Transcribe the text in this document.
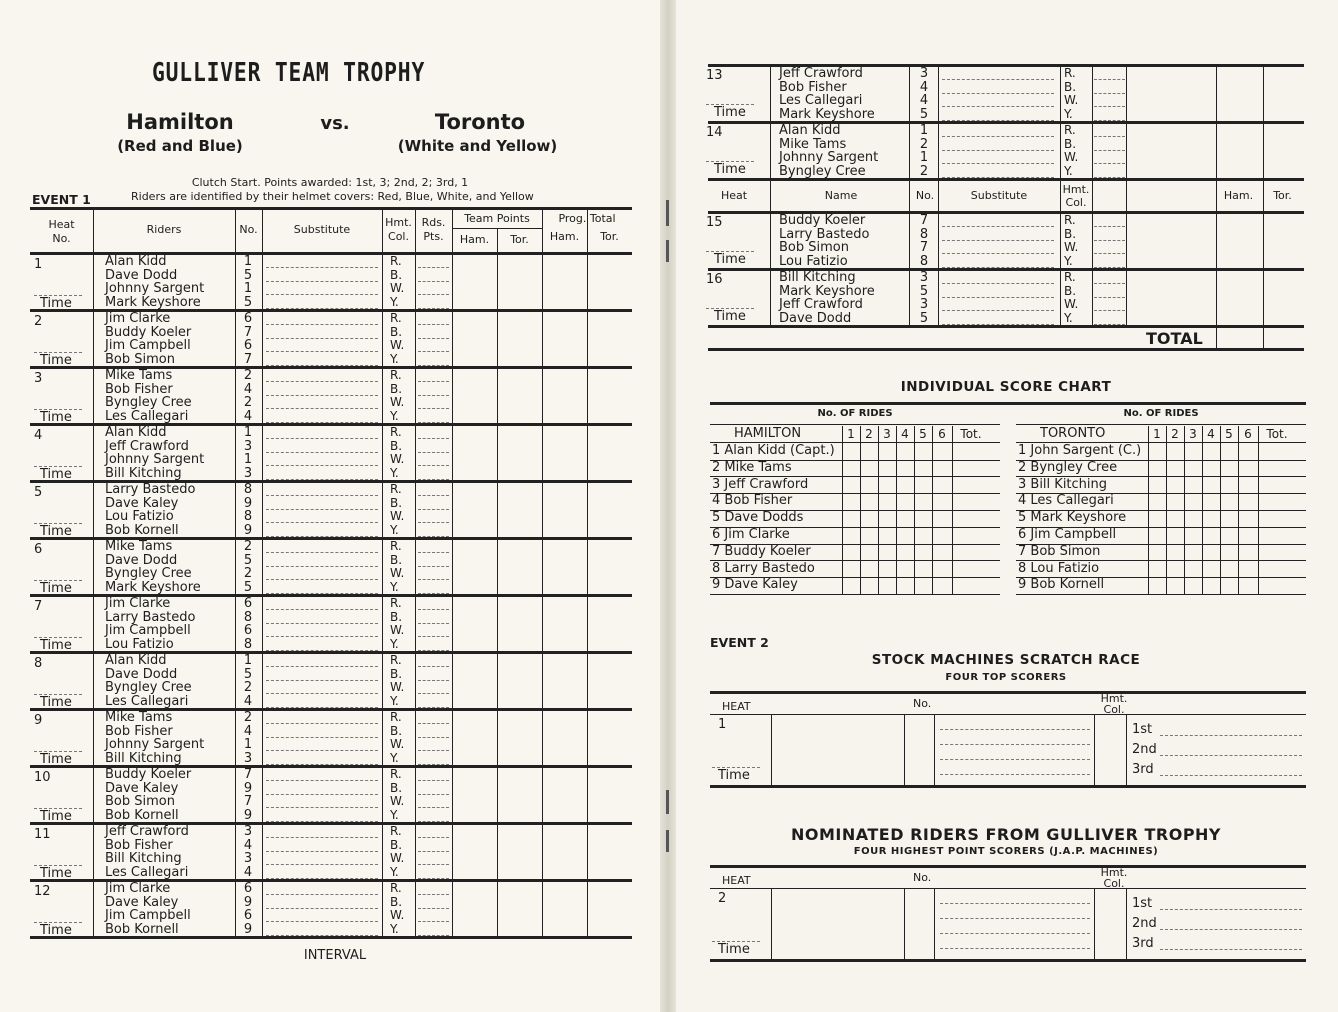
GULLIVER TEAM TROPHY
Hamilton
(Red and Blue)
vs.	Toronto
(White and Yellow)
Clutch Start. Points awarded: 1st, 3; 2nd, 2; 3rd, 1
Riders are identified by their helmet covers: Red, Blue, White, and Yellow
EVENT 1
Heat
No.
Riders	No.	Substitute
Hmt.
Col.
Rds.
Pts.
Team Points
Ham.	Tor.
Prog. Total
Ham.	Tor.
1
Time
Alan Kidd	1	R.
Dave Dodd	5	B.
Johnny Sargent	1	W.
Mark Keyshore	5	Y.
2
Time
Jim Clarke	6	R.
Buddy Koeler	7	B.
Jim Campbell	6	W.
Bob Simon	7	Y.
3
Time
Mike Tams	2	R.
Bob Fisher	4	B.
Byngley Cree	2	W.
Les Callegari	4	Y.
4
Time
Alan Kidd	1	R.
Jeff Crawford	3	B.
Johnny Sargent	1	W.
Bill Kitching	3	Y.
5
Time
Larry Bastedo	8	R.
Dave Kaley	9	B.
Lou Fatizio	8	W.
Bob Kornell	9	Y.
6
Time
Mike Tams	2	R.
Dave Dodd	5	B.
Byngley Cree	2	W.
Mark Keyshore	5	Y.
7
Time
Jim Clarke	6	R.
Larry Bastedo	8	B.
Jim Campbell	6	W.
Lou Fatizio	8	Y.
8
Time
Alan Kidd	1	R.
Dave Dodd	5	B.
Byngley Cree	2	W.
Les Callegari	4	Y.
9
Time
Mike Tams	2	R.
Bob Fisher	4	B.
Johnny Sargent	1	W.
Bill Kitching	3	Y.
10
Time
Buddy Koeler	7	R.
Dave Kaley	9	B.
Bob Simon	7	W.
Bob Kornell	9	Y.
11
Time
Jeff Crawford	3	R.
Bob Fisher	4	B.
Bill Kitching	3	W.
Les Callegari	4	Y.
12
Time
Jim Clarke	6	R.
Dave Kaley	9	B.
Jim Campbell	6	W.
Bob Kornell	9	Y.
INTERVAL
13
Time
Jeff Crawford	3	R.
Bob Fisher	4	B.
Les Callegari	4	W.
Mark Keyshore	5	Y.
14
Time
Alan Kidd	1	R.
Mike Tams	2	B.
Johnny Sargent	1	W.
Byngley Cree	2	Y.
Heat	Name	No.	Substitute	Hmt.
Col.
Ham.	Tor.
15
Time
Buddy Koeler	7	R.
Larry Bastedo	8	B.
Bob Simon	7	W.
Lou Fatizio	8	Y.
16
Time
Bill Kitching	3	R.
Mark Keyshore	5	B.
Jeff Crawford	3	W.
Dave Dodd	5	Y.
TOTAL
INDIVIDUAL SCORE CHART
No. OF RIDES
HAMILTON	1 2 3 4 5 6	Tot.
1 Alan Kidd (Capt.)
2 Mike Tams
3 Jeff Crawford
4 Bob Fisher
5 Dave Dodds
6 Jim Clarke
7 Buddy Koeler
8 Larry Bastedo
9 Dave Kaley
No. OF RIDES
TORONTO	1 2 3 4 5 6	Tot.
1 John Sargent (C.)
2 Byngley Cree
3 Bill Kitching
4 Les Callegari
5 Mark Keyshore
6 Jim Campbell
7 Bob Simon
8 Lou Fatizio
9 Bob Kornell
EVENT 2
STOCK MACHINES SCRATCH RACE
FOUR TOP SCORERS
HEAT	No.	Hmt.
Col.
1
Time
1st
2nd
3rd
NOMINATED RIDERS FROM GULLIVER TROPHY
FOUR HIGHEST POINT SCORERS (J.A.P. MACHINES)
HEAT	No.	Hmt.
Col.
2
Time
1st
2nd
3rd
